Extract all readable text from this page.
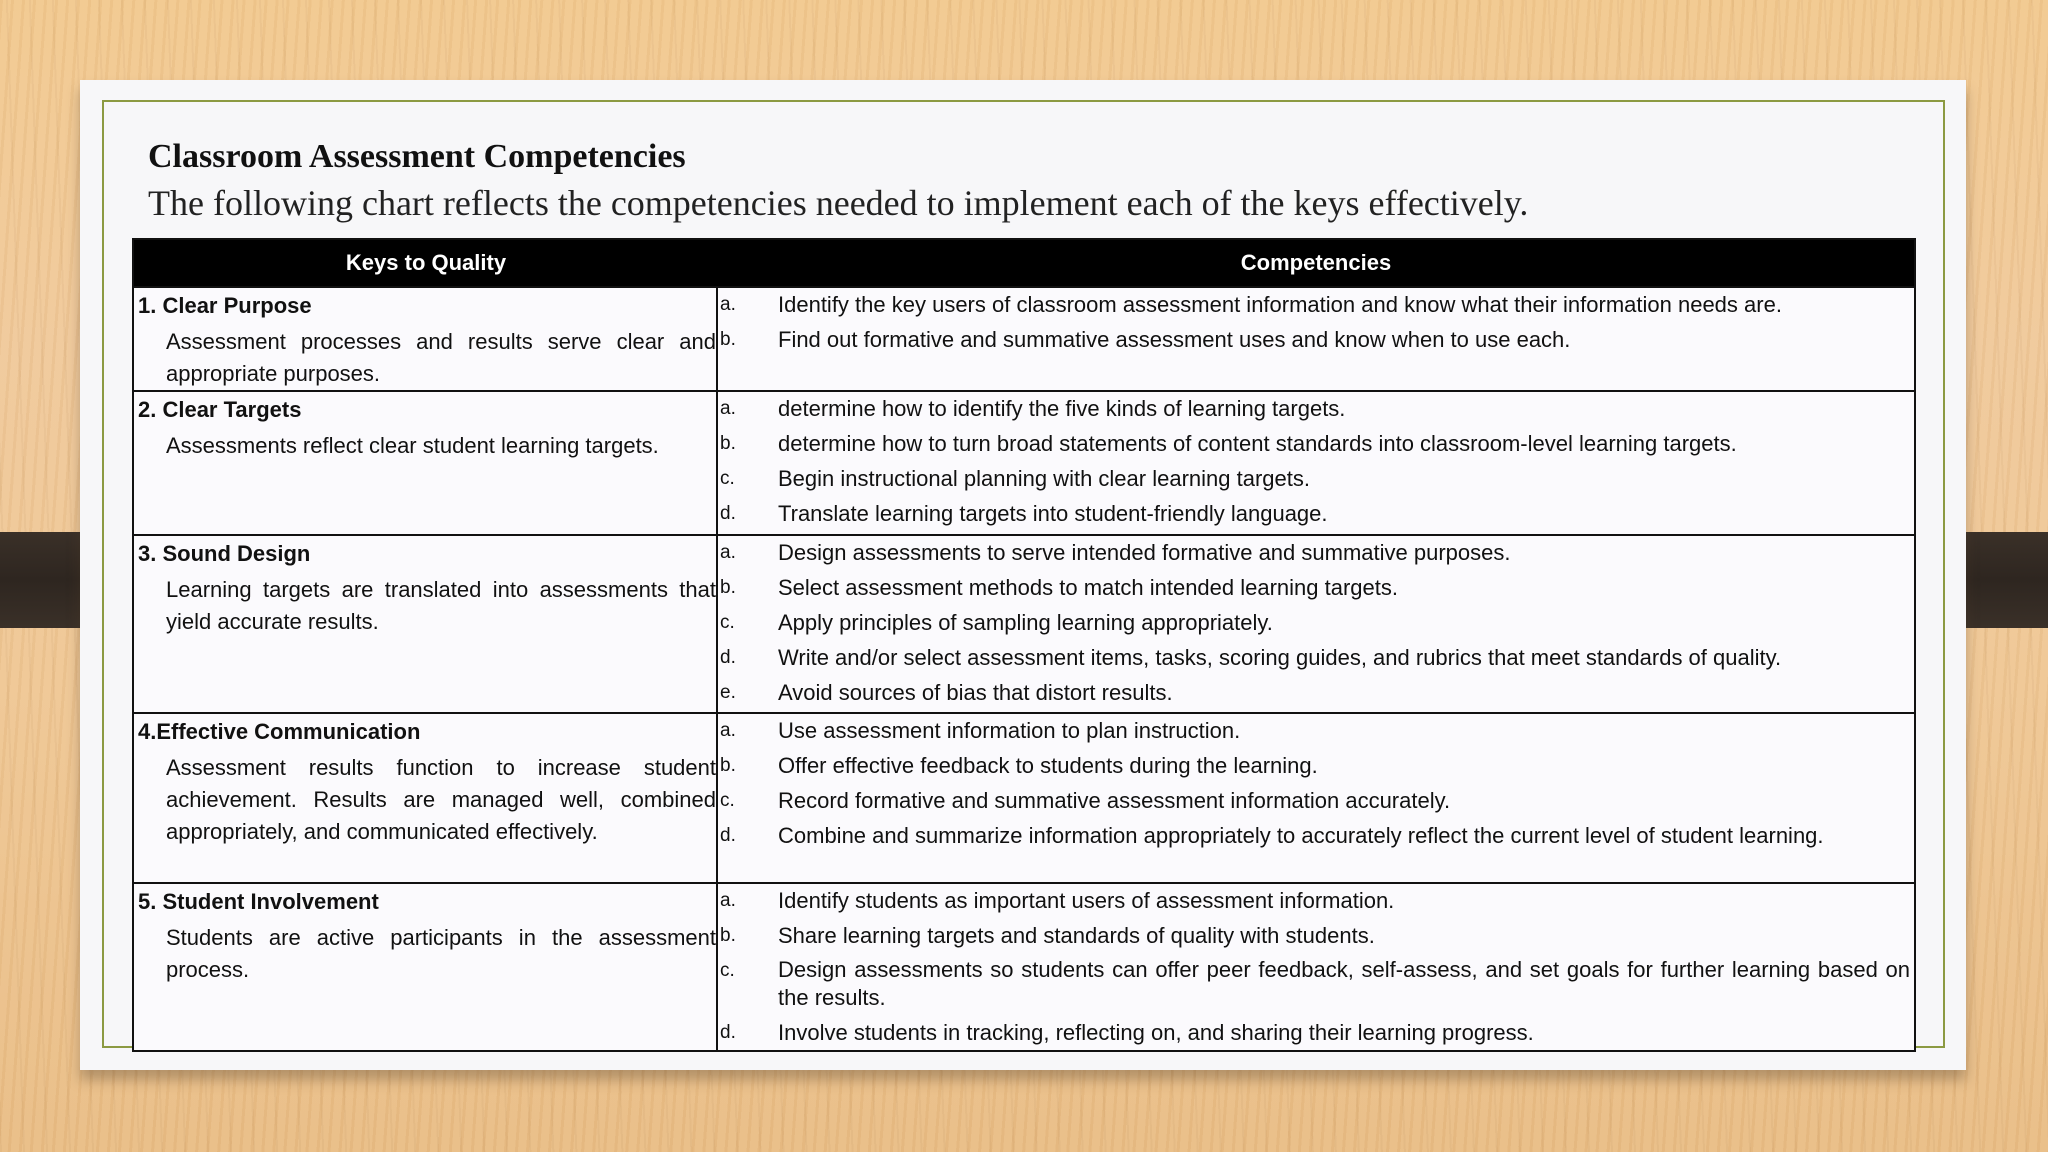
Classroom Assessment Competencies
The following chart reflects the competencies needed to implement each of the keys effectively.
Keys to Quality	Competencies
1. Clear Purpose
Assessment processes and results serve clear and appropriate purposes.
a.	Identify the key users of classroom assessment information and know what their information needs are.
b.	Find out formative and summative assessment uses and know when to use each.
2. Clear Targets
Assessments reflect clear student learning targets.
a.	determine how to identify the five kinds of learning targets.
b.	determine how to turn broad statements of content standards into classroom-level learning targets.
c.	Begin instructional planning with clear learning targets.
d.	Translate learning targets into student-friendly language.
3. Sound Design
Learning targets are translated into assessments that yield accurate results.
a.	Design assessments to serve intended formative and summative purposes.
b.	Select assessment methods to match intended learning targets.
c.	Apply principles of sampling learning appropriately.
d.	Write and/or select assessment items, tasks, scoring guides, and rubrics that meet standards of quality.
e.	Avoid sources of bias that distort results.
4.Effective Communication
Assessment results function to increase student achievement. Results are managed well, combined appropriately, and communicated effectively.
a.	Use assessment information to plan instruction.
b.	Offer effective feedback to students during the learning.
c.	Record formative and summative assessment information accurately.
d.	Combine and summarize information appropriately to accurately reflect the current level of student learning.
5. Student Involvement
Students are active participants in the assessment process.
a.	Identify students as important users of assessment information.
b.	Share learning targets and standards of quality with students.
c.	Design assessments so students can offer peer feedback, self-assess, and set goals for further learning based on the results.
d.	Involve students in tracking, reflecting on, and sharing their learning progress.
